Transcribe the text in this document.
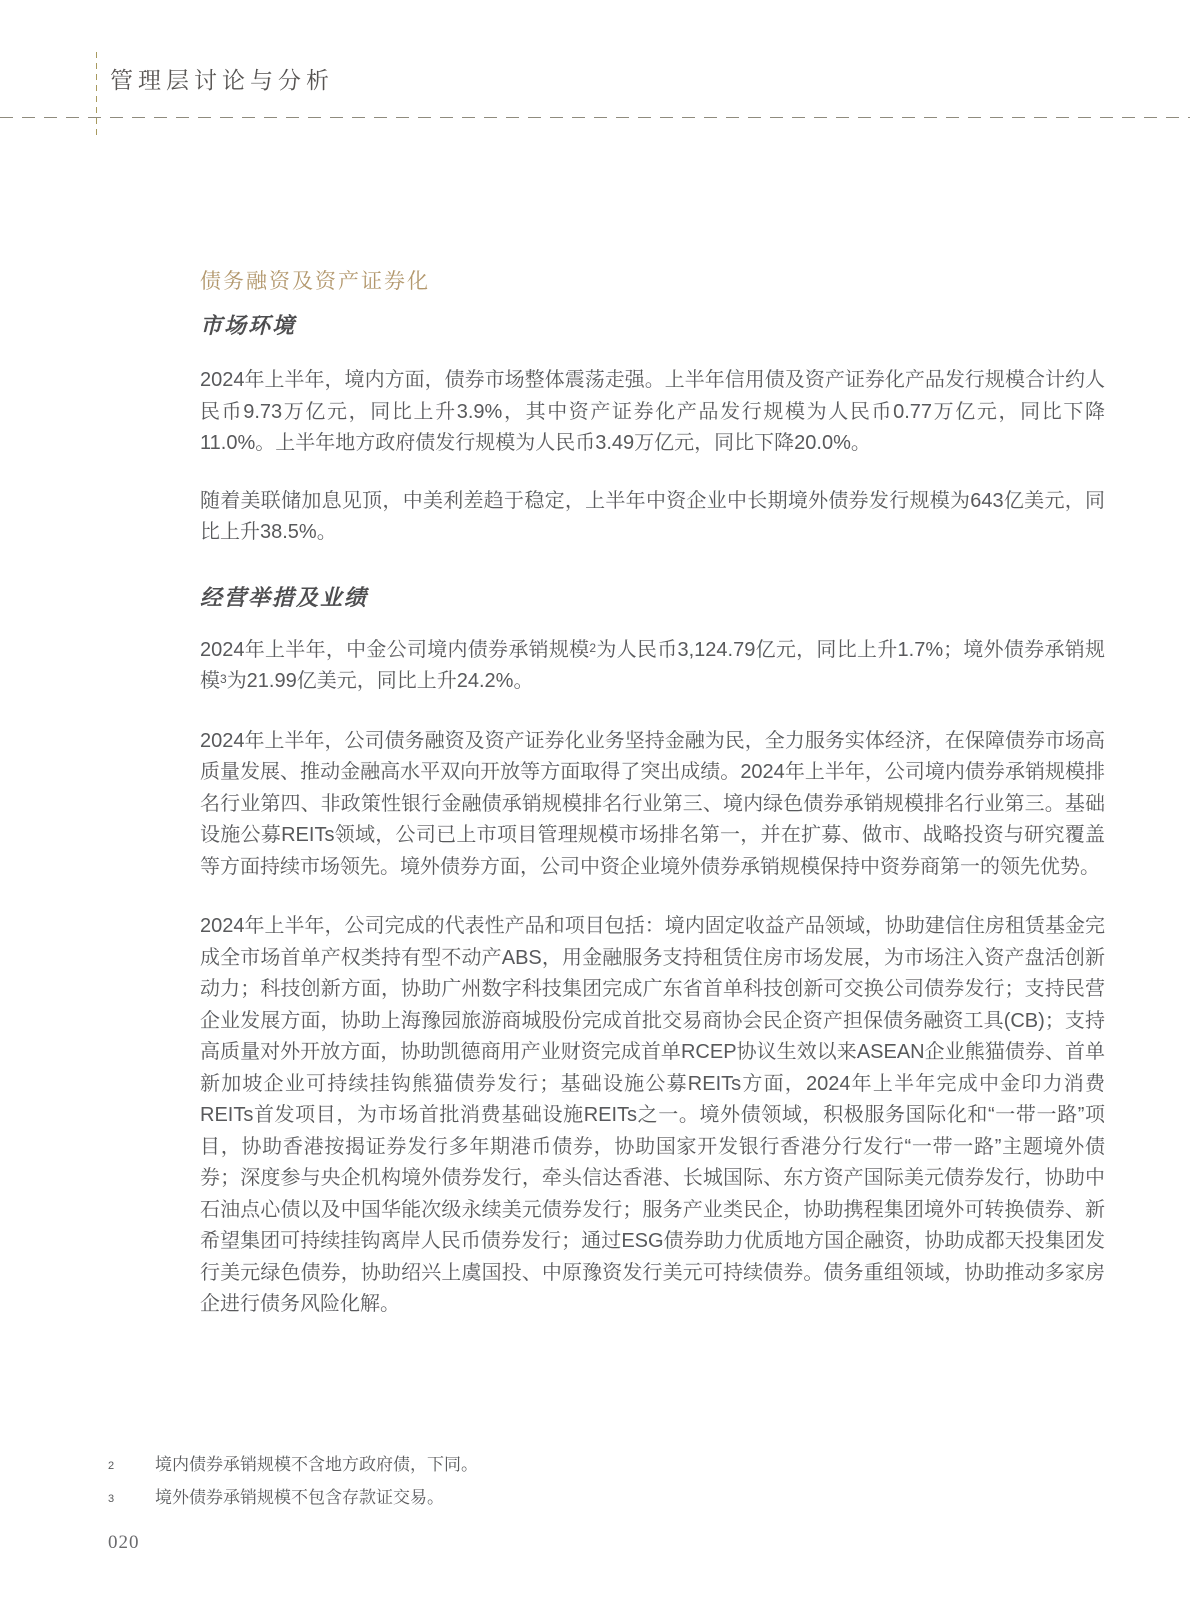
管理层讨论与分析
债务融资及资产证券化
市场环境

2024年上半年，境内方面，债券市场整体震荡走强。上半年信用债及资产证券化产品发行规模合计约人民币9.73万亿元，同比上升3.9%，其中资产证券化产品发行规模为人民币0.77万亿元，同比下降11.0%。上半年地方政府债发行规模为人民币3.49万亿元，同比下降20.0%。

随着美联储加息见顶，中美利差趋于稳定，上半年中资企业中长期境外债券发行规模为643亿美元，同比上升38.5%。

经营举措及业绩

2024年上半年，中金公司境内债券承销规模$^2$为人民币3,124.79亿元，同比上升1.7%；境外债券承销规模$^3$为21.99亿美元，同比上升24.2%。

2024年上半年，公司债务融资及资产证券化业务坚持金融为民，全力服务实体经济，在保障债券市场高质量发展、推动金融高水平双向开放等方面取得了突出成绩。2024年上半年，公司境内债券承销规模排名行业第四、非政策性银行金融债承销规模排名行业第三、境内绿色债券承销规模排名行业第三。基础设施公募REITs领域，公司已上市项目管理规模市场排名第一，并在扩募、做市、战略投资与研究覆盖等方面持续市场领先。境外债券方面，公司中资企业境外债券承销规模保持中资券商第一的领先优势。

2024年上半年，公司完成的代表性产品和项目包括：境内固定收益产品领域，协助建信住房租赁基金完成全市场首单产权类持有型不动产ABS，用金融服务支持租赁住房市场发展，为市场注入资产盘活创新动力；科技创新方面，协助广州数字科技集团完成广东省首单科技创新可交换公司债券发行；支持民营企业发展方面，协助上海豫园旅游商城股份完成首批交易商协会民企资产担保债务融资工具(CB)；支持高质量对外开放方面，协助凯德商用产业财资完成首单RCEP协议生效以来ASEAN企业熊猫债券、首单新加坡企业可持续挂钩熊猫债券发行；基础设施公募REITs方面，2024年上半年完成中金印力消费REITs首发项目，为市场首批消费基础设施REITs之一。境外债领域，积极服务国际化和“一带一路”项目，协助香港按揭证券发行多年期港币债券，协助国家开发银行香港分行发行“一带一路”主题境外债券；深度参与央企机构境外债券发行，牵头信达香港、长城国际、东方资产国际美元债券发行，协助中石油点心债以及中国华能次级永续美元债券发行；服务产业类民企，协助携程集团境外可转换债券、新希望集团可持续挂钩离岸人民币债券发行；通过ESG债券助力优质地方国企融资，协助成都天投集团发行美元绿色债券，协助绍兴上虞国投、中原豫资发行美元可持续债券。债务重组领域，协助推动多家房企进行债务风险化解。

2 境内债券承销规模不含地方政府债，下同。
3 境外债券承销规模不包含存款证交易。
020
